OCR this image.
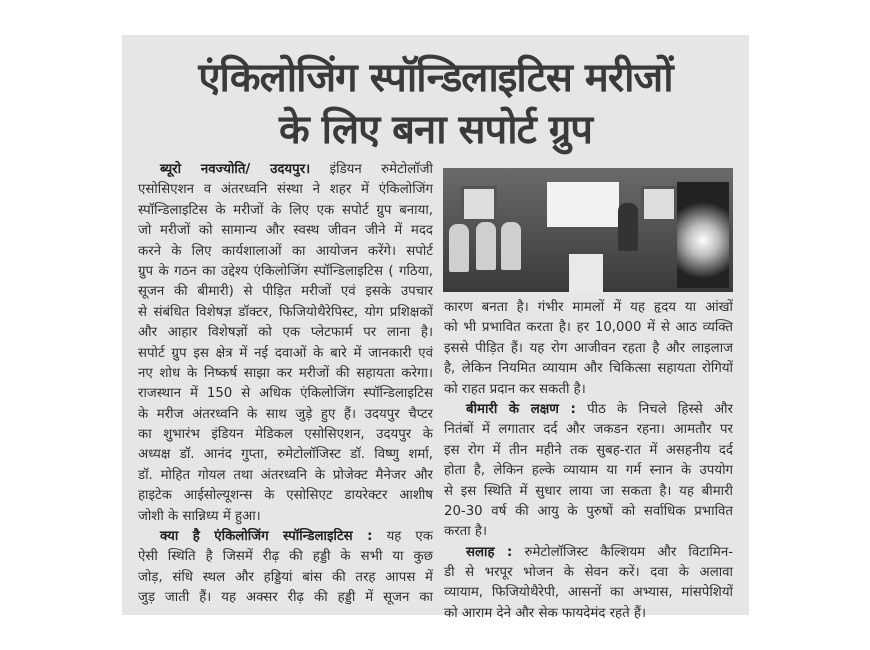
एंकिलोजिंग स्पॉन्डिलाइटिस मरीजों
के लिए बना सपोर्ट ग्रुप
ब्यूरो नवज्योति/ उदयपुर। इंडियन रुमेटोलॉजी
एसोसिएशन व अंतरध्वनि संस्था ने शहर में एंकिलोजिंग
स्पॉन्डिलाइटिस के मरीजों के लिए एक सपोर्ट ग्रुप बनाया,
जो मरीजों को सामान्य और स्वस्थ जीवन जीने में मदद
करने के लिए कार्यशालाओं का आयोजन करेंगे। सपोर्ट
ग्रुप के गठन का उद्देश्य एंकिलोजिंग स्पॉन्डिलाइटिस ( गठिया,
सूजन की बीमारी) से पीड़ित मरीजों एवं इसके उपचार
से संबंधित विशेषज्ञ डॉक्टर, फिजियोथैरेपिस्ट, योग प्रशिक्षकों
और आहार विशेषज्ञों को एक प्लेटफार्म पर लाना है।
सपोर्ट ग्रुप इस क्षेत्र में नई दवाओं के बारे में जानकारी एवं
नए शोध के निष्कर्ष साझा कर मरीजों की सहायता करेगा।
राजस्थान में 150 से अधिक एंकिलोजिंग स्पॉन्डिलाइटिस
के मरीज अंतरध्वनि के साथ जुड़े हुए हैं। उदयपुर चैप्टर
का शुभारंभ इंडियन मेडिकल एसोसिएशन, उदयपुर के
अध्यक्ष डॉ. आनंद गुप्ता, रुमेटोलॉजिस्ट डॉ. विष्णु शर्मा,
डॉ. मोहित गोयल तथा अंतरध्वनि के प्रोजेक्ट मैनेजर और
हाइटेक आईसोल्यूशन्स के एसोसिएट डायरेक्टर आशीष
जोशी के सान्निध्य में हुआ।
क्या है एंकिलोजिंग स्पॉन्डिलाइटिस : यह एक
ऐसी स्थिति है जिसमें रीढ़ की हड्डी के सभी या कुछ
जोड़, संधि स्थल और हड्डियां बांस की तरह आपस में
जुड़ जाती हैं। यह अक्सर रीढ़ की हड्डी में सूजन का
कारण बनता है। गंभीर मामलों में यह हृदय या आंखों
को भी प्रभावित करता है। हर 10,000 में से आठ व्यक्ति
इससे पीड़ित हैं। यह रोग आजीवन रहता है और लाइलाज
है, लेकिन नियमित व्यायाम और चिकित्सा सहायता रोगियों
को राहत प्रदान कर सकती है।
बीमारी के लक्षण : पीठ के निचले हिस्से और
नितंबों में लगातार दर्द और जकडन रहना। आमतौर पर
इस रोग में तीन महीने तक सुबह-रात में असहनीय दर्द
होता है, लेकिन हल्के व्यायाम या गर्म स्नान के उपयोग
से इस स्थिति में सुधार लाया जा सकता है। यह बीमारी
20-30 वर्ष की आयु के पुरुषों को सर्वाधिक प्रभावित
करता है।
सलाह : रुमेटोलॉजिस्ट कैल्शियम और विटामिन-
डी से भरपूर भोजन के सेवन करें। दवा के अलावा
व्यायाम, फिजियोथैरेपी, आसनों का अभ्यास, मांसपेशियों
को आराम देने और सेक फायदेमंद रहते हैं।
